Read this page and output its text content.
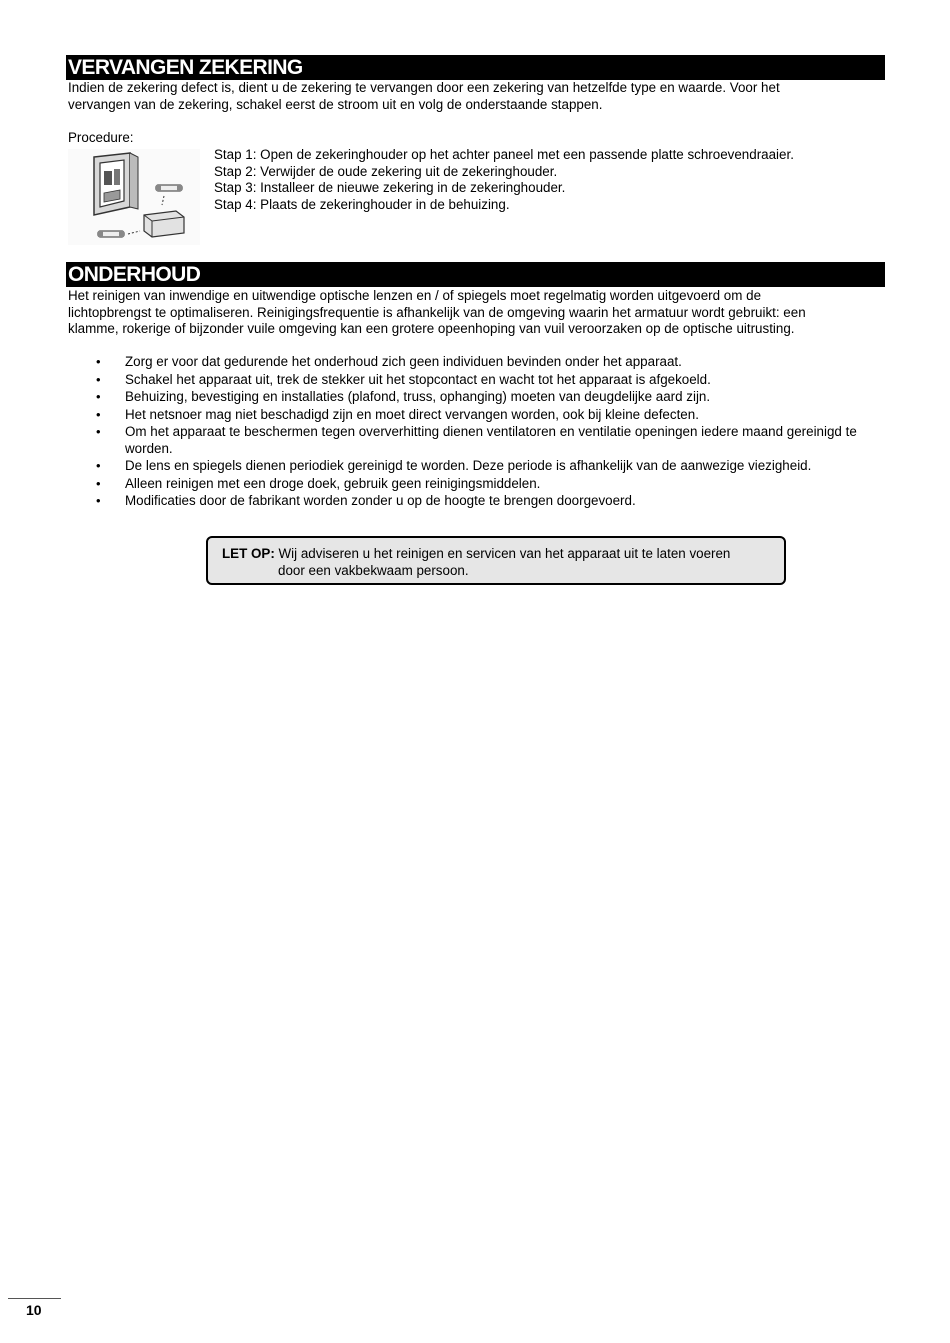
VERVANGEN ZEKERING

Indien de zekering defect is, dient u de zekering te vervangen door een zekering van hetzelfde type en waarde. Voor het
vervangen van de zekering, schakel eerst de stroom uit en volg de onderstaande stappen.

Procedure:

Stap 1: Open de zekeringhouder op het achter paneel met een passende platte schroevendraaier.
Stap 2: Verwijder de oude zekering uit de zekeringhouder.
Stap 3: Installeer de nieuwe zekering in de zekeringhouder.
Stap 4: Plaats de zekeringhouder in de behuizing.
ONDERHOUD

Het reinigen van inwendige en uitwendige optische lenzen en / of spiegels moet regelmatig worden uitgevoerd om de
lichtopbrengst te optimaliseren. Reinigingsfrequentie is afhankelijk van de omgeving waarin het armatuur wordt gebruikt: een
klamme, rokerige of bijzonder vuile omgeving kan een grotere opeenhoping van vuil veroorzaken op de optische uitrusting.

• Zorg er voor dat gedurende het onderhoud zich geen individuen bevinden onder het apparaat.
• Schakel het apparaat uit, trek de stekker uit het stopcontact en wacht tot het apparaat is afgekoeld.
• Behuizing, bevestiging en installaties (plafond, truss, ophanging) moeten van deugdelijke aard zijn.
• Het netsnoer mag niet beschadigd zijn en moet direct vervangen worden, ook bij kleine defecten.
• Om het apparaat te beschermen tegen oververhitting dienen ventilatoren en ventilatie openingen iedere maand gereinigd te worden.
• De lens en spiegels dienen periodiek gereinigd te worden. Deze periode is afhankelijk van de aanwezige viezigheid.
• Alleen reinigen met een droge doek, gebruik geen reinigingsmiddelen.
• Modificaties door de fabrikant worden zonder u op de hoogte te brengen doorgevoerd.
LET OP: Wij adviseren u het reinigen en servicen van het apparaat uit te laten voeren
door een vakbekwaam persoon.
10
